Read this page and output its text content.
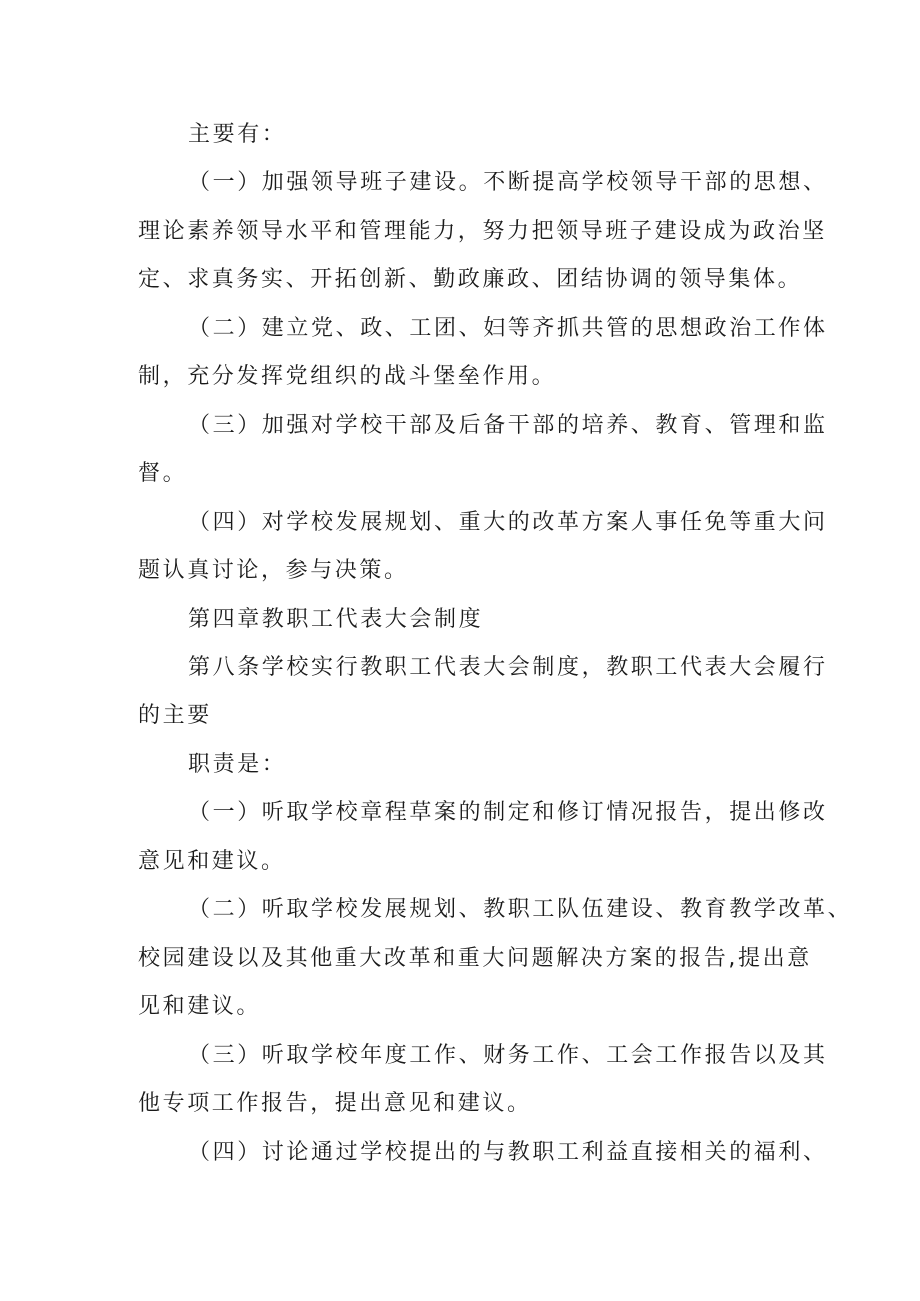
主要有：
（一）加强领导班子建设。不断提高学校领导干部的思想、
理论素养领导水平和管理能力，努力把领导班子建设成为政治坚
定、求真务实、开拓创新、勤政廉政、团结协调的领导集体。
（二）建立党、政、工团、妇等齐抓共管的思想政治工作体
制，充分发挥党组织的战斗堡垒作用。
（三）加强对学校干部及后备干部的培养、教育、管理和监
督。
（四）对学校发展规划、重大的改革方案人事任免等重大问
题认真讨论，参与决策。
第四章教职工代表大会制度
第八条学校实行教职工代表大会制度，教职工代表大会履行
的主要
职责是：
（一）听取学校章程草案的制定和修订情况报告，提出修改
意见和建议。
（二）听取学校发展规划、教职工队伍建设、教育教学改革、
校园建设以及其他重大改革和重大问题解决方案的报告,提出意
见和建议。
（三）听取学校年度工作、财务工作、工会工作报告以及其
他专项工作报告，提出意见和建议。
（四）讨论通过学校提出的与教职工利益直接相关的福利、
